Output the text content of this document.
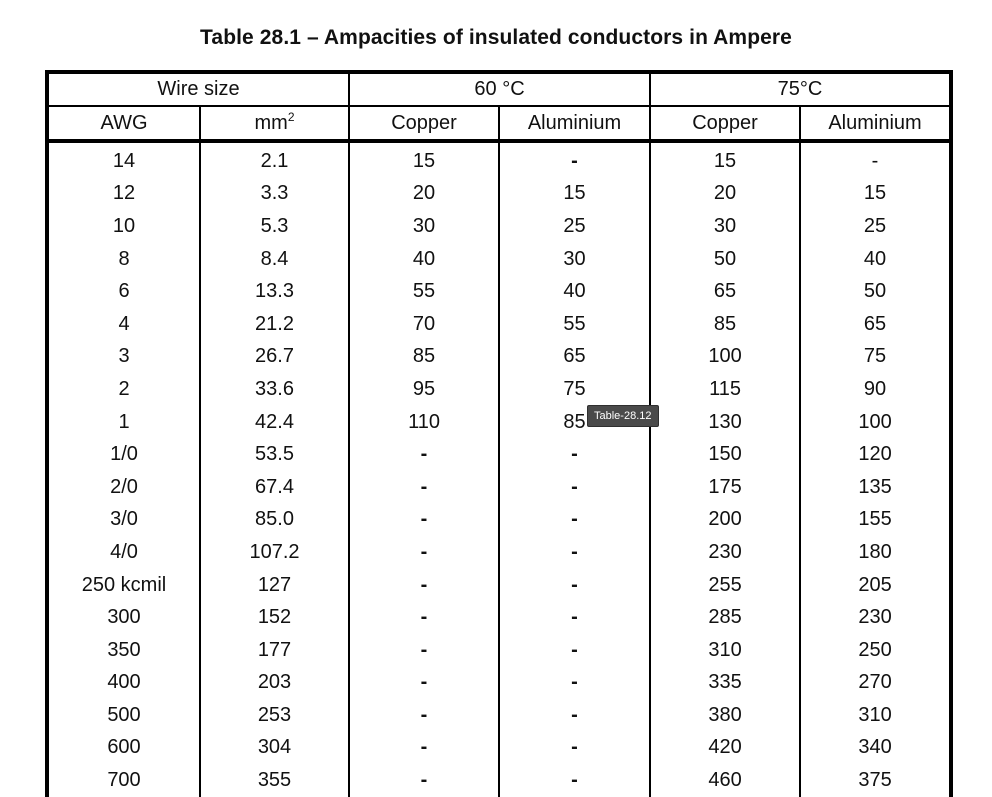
Table 28.1 – Ampacities of insulated conductors in Ampere
Wire size		60 °C		75°C	
AWG	$mm^2$	Copper	Aluminium	Copper	Aluminium
14	2.1	15	-	15	-
12	3.3	20	15	20	15
10	5.3	30	25	30	25
8	8.4	40	30	50	40
6	13.3	55	40	65	50
4	21.2	70	55	85	65
3	26.7	85	65	100	75
2	33.6	95	75	115	90
1	42.4	110	85	130	100
1/0	53.5	-	-	150	120
2/0	67.4	-	-	175	135
3/0	85.0	-	-	200	155
4/0	107.2	-	-	230	180
250 kcmil	127	-	-	255	205
300	152	-	-	285	230
350	177	-	-	310	250
400	203	-	-	335	270
500	253	-	-	380	310
600	304	-	-	420	340
700	355	-	-	460	375
Table-28.12
